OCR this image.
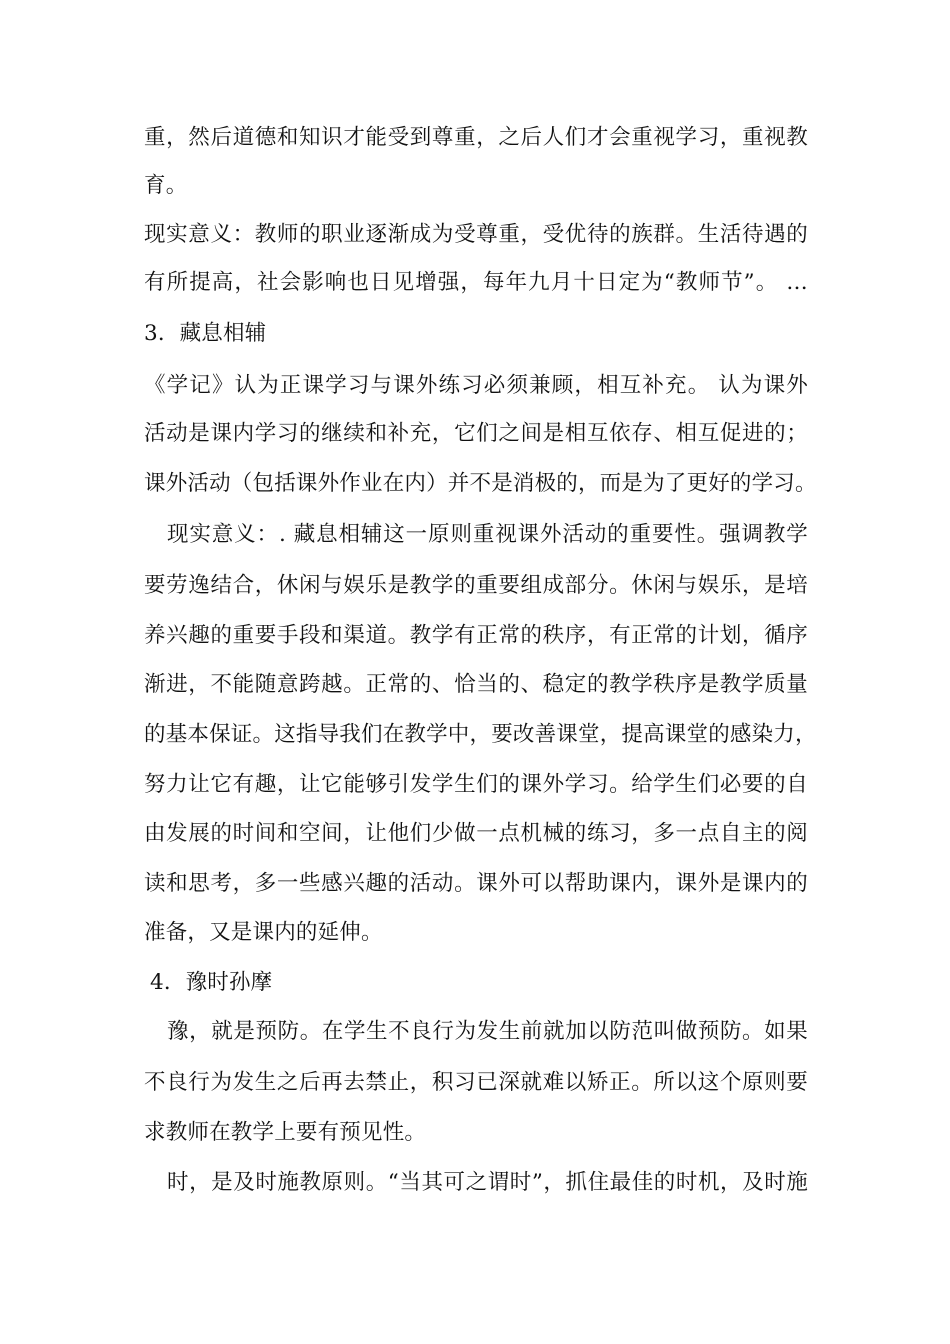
重，然后道德和知识才能受到尊重，之后人们才会重视学习，重视教
育。
现实意义：教师的职业逐渐成为受尊重，受优待的族群。生活待遇的
有所提高，社会影响也日见增强，每年九月十日定为“教师节”。 …
3．藏息相辅
《学记》认为正课学习与课外练习必须兼顾，相互补充。 认为课外
活动是课内学习的继续和补充，它们之间是相互依存、相互促进的；
课外活动（包括课外作业在内）并不是消极的，而是为了更好的学习。
现实意义：. 藏息相辅这一原则重视课外活动的重要性。强调教学
要劳逸结合，休闲与娱乐是教学的重要组成部分。休闲与娱乐，是培
养兴趣的重要手段和渠道。教学有正常的秩序，有正常的计划，循序
渐进，不能随意跨越。正常的、恰当的、稳定的教学秩序是教学质量
的基本保证。这指导我们在教学中，要改善课堂，提高课堂的感染力，
努力让它有趣，让它能够引发学生们的课外学习。给学生们必要的自
由发展的时间和空间，让他们少做一点机械的练习，多一点自主的阅
读和思考，多一些感兴趣的活动。课外可以帮助课内，课外是课内的
准备，又是课内的延伸。
4．豫时孙摩
豫，就是预防。在学生不良行为发生前就加以防范叫做预防。如果
不良行为发生之后再去禁止，积习已深就难以矫正。所以这个原则要
求教师在教学上要有预见性。
时，是及时施教原则。“当其可之谓时”，抓住最佳的时机，及时施
